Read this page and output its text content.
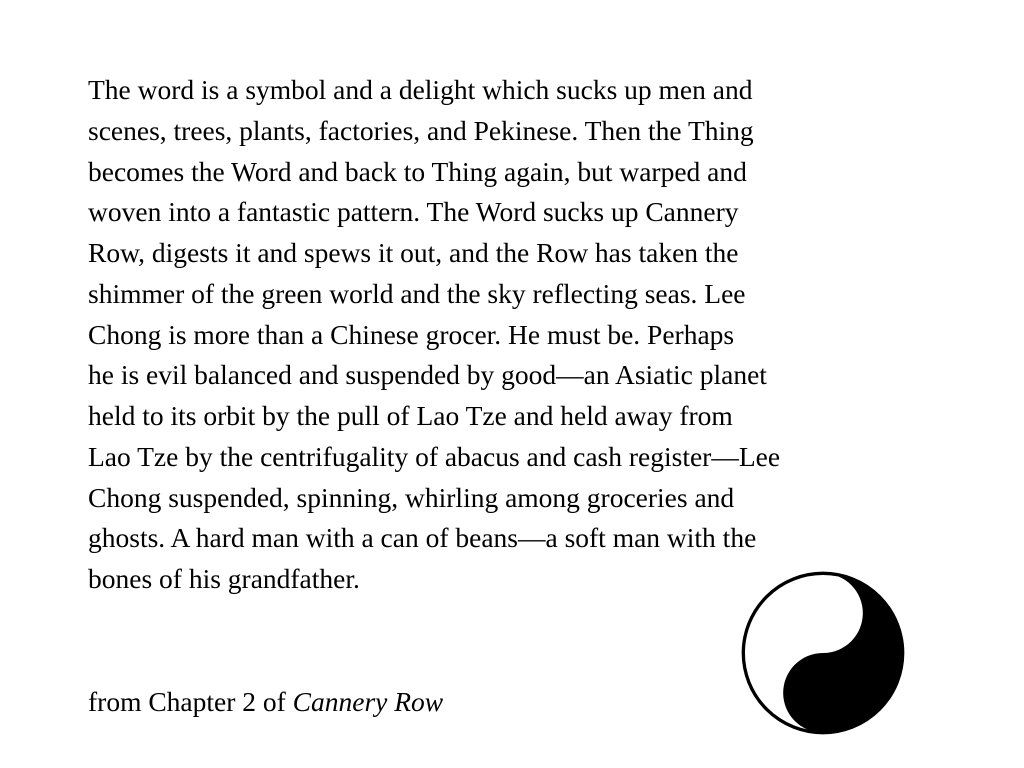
The word is a symbol and a delight which sucks up men and
scenes, trees, plants, factories, and Pekinese. Then the Thing
becomes the Word and back to Thing again, but warped and
woven into a fantastic pattern. The Word sucks up Cannery
Row, digests it and spews it out, and the Row has taken the
shimmer of the green world and the sky reflecting seas. Lee
Chong is more than a Chinese grocer. He must be. Perhaps
he is evil balanced and suspended by good—an Asiatic planet
held to its orbit by the pull of Lao Tze and held away from
Lao Tze by the centrifugality of abacus and cash register—Lee
Chong suspended, spinning, whirling among groceries and
ghosts. A hard man with a can of beans—a soft man with the
bones of his grandfather.

from Chapter 2 of Cannery Row
